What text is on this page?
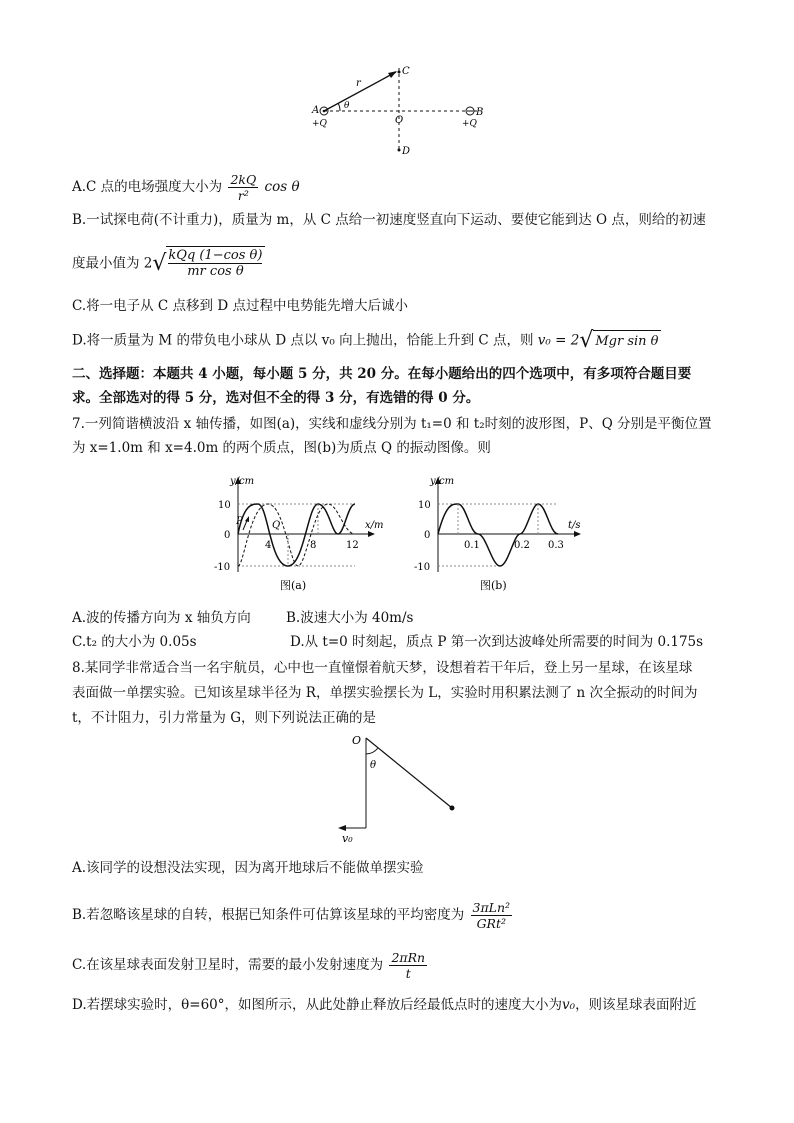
C
r
θ
A
+Q	O
B
+Q
D
A.C 点的电场强度大小为 $\frac{2kQ}{\text{r²}}$ cos θ
B.一试探电荷(不计重力)，质量为 m，从 C 点给一初速度竖直向下运动、要使它能到达 O 点，则给的初速
度最小值为 $2√ \frac{\text{kQq (1−cos θ)}}{\text{mr cos θ}}$
C.将一电子从 C 点移到 D 点过程中电势能先增大后诚小
D.将一质量为 M 的带负电小球从 D 点以 v₀ 向上抛出，恰能上升到 C 点，则 v₀ = 2√ Mgr sin θ
二、选择题：本题共 4 小题，每小题 5 分，共 20 分。在每小题给出的四个选项中，有多项符合题目要
求。全部选对的得 5 分，选对但不全的得 3 分，有选错的得 0 分。
7.一列简谐横波沿 x 轴传播，如图(a)，实线和虚线分别为 t₁=0 和 t₂时刻的波形图，P、Q 分别是平衡位置
为 x=1.0m 和 x=4.0m 的两个质点，图(b)为质点 Q 的振动图像。则
y/cm
x/m
P	Q
10
0
-10
4	8	12
图(a)
y/cm
t/s
10
0
-10
0.1	0.2 0.3
图(b)
A.波的传播方向为 x 轴负方向	B.波速大小为 40m/s
C.t₂ 的大小为 0.05s	D.从 t=0 时刻起，质点 P 第一次到达波峰处所需要的时间为 0.175s
8.某同学非常适合当一名宇航员，心中也一直憧憬着航天梦，设想着若干年后，登上另一星球，在该星球
表面做一单摆实验。已知该星球半径为 R，单摆实验摆长为 L，实验时用积累法测了 n 次全振动的时间为
t，不计阻力，引力常量为 G，则下列说法正确的是
O
θ
v₀
A.该同学的设想没法实现，因为离开地球后不能做单摆实验
B.若忽略该星球的自转，根据已知条件可估算该星球的平均密度为 $\frac{\text{3πLn²}}{\text{GRt²}}$
C.在该星球表面发射卫星时，需要的最小发射速度为 $\frac{\text{2πRn}}{t}$
D.若摆球实验时，θ=60°，如图所示，从此处静止释放后经最低点时的速度大小为v₀，则该星球表面附近
